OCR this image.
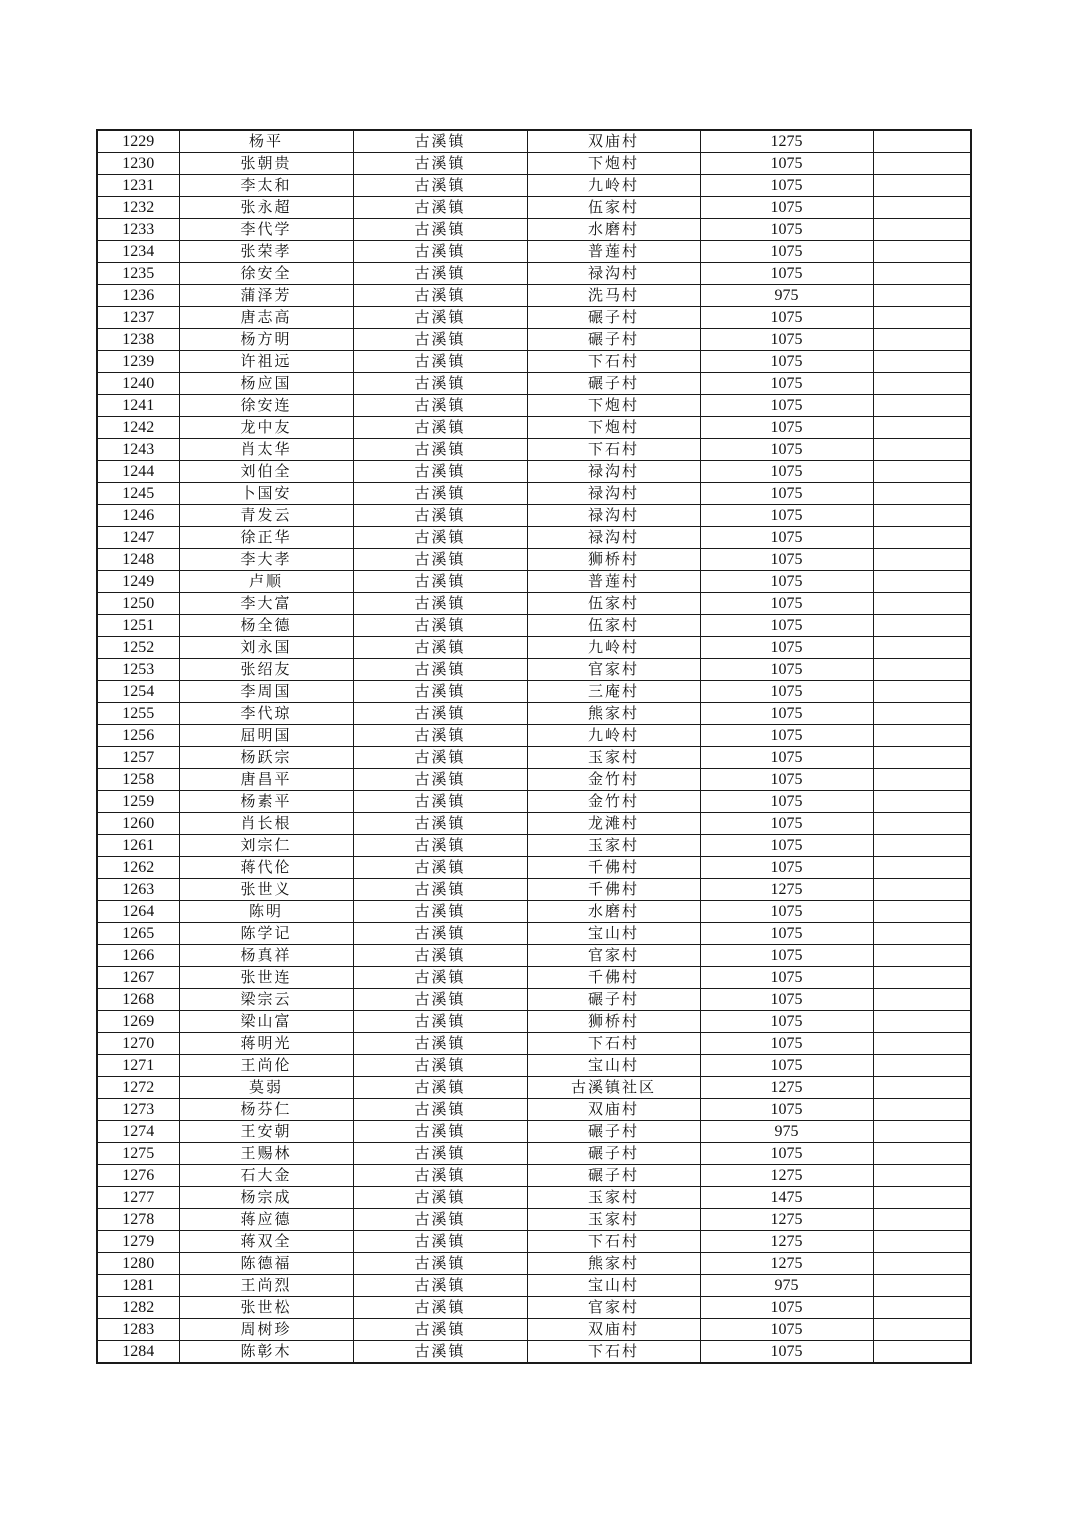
1229	杨平	古溪镇	双庙村	1275	
1230	张朝贵	古溪镇	下炮村	1075	
1231	李太和	古溪镇	九岭村	1075	
1232	张永超	古溪镇	伍家村	1075	
1233	李代学	古溪镇	水磨村	1075	
1234	张荣孝	古溪镇	普莲村	1075	
1235	徐安全	古溪镇	禄沟村	1075	
1236	蒲泽芳	古溪镇	洗马村	975	
1237	唐志高	古溪镇	碾子村	1075	
1238	杨方明	古溪镇	碾子村	1075	
1239	许祖远	古溪镇	下石村	1075	
1240	杨应国	古溪镇	碾子村	1075	
1241	徐安连	古溪镇	下炮村	1075	
1242	龙中友	古溪镇	下炮村	1075	
1243	肖太华	古溪镇	下石村	1075	
1244	刘伯全	古溪镇	禄沟村	1075	
1245	卜国安	古溪镇	禄沟村	1075	
1246	青发云	古溪镇	禄沟村	1075	
1247	徐正华	古溪镇	禄沟村	1075	
1248	李大孝	古溪镇	狮桥村	1075	
1249	卢顺	古溪镇	普莲村	1075	
1250	李大富	古溪镇	伍家村	1075	
1251	杨全德	古溪镇	伍家村	1075	
1252	刘永国	古溪镇	九岭村	1075	
1253	张绍友	古溪镇	官家村	1075	
1254	李周国	古溪镇	三庵村	1075	
1255	李代琼	古溪镇	熊家村	1075	
1256	屈明国	古溪镇	九岭村	1075	
1257	杨跃宗	古溪镇	玉家村	1075	
1258	唐昌平	古溪镇	金竹村	1075	
1259	杨素平	古溪镇	金竹村	1075	
1260	肖长根	古溪镇	龙滩村	1075	
1261	刘宗仁	古溪镇	玉家村	1075	
1262	蒋代伦	古溪镇	千佛村	1075	
1263	张世义	古溪镇	千佛村	1275	
1264	陈明	古溪镇	水磨村	1075	
1265	陈学记	古溪镇	宝山村	1075	
1266	杨真祥	古溪镇	官家村	1075	
1267	张世连	古溪镇	千佛村	1075	
1268	梁宗云	古溪镇	碾子村	1075	
1269	梁山富	古溪镇	狮桥村	1075	
1270	蒋明光	古溪镇	下石村	1075	
1271	王尚伦	古溪镇	宝山村	1075	
1272	莫弱	古溪镇	古溪镇社区	1275	
1273	杨芬仁	古溪镇	双庙村	1075	
1274	王安朝	古溪镇	碾子村	975	
1275	王赐林	古溪镇	碾子村	1075	
1276	石大金	古溪镇	碾子村	1275	
1277	杨宗成	古溪镇	玉家村	1475	
1278	蒋应德	古溪镇	玉家村	1275	
1279	蒋双全	古溪镇	下石村	1275	
1280	陈德福	古溪镇	熊家村	1275	
1281	王尚烈	古溪镇	宝山村	975	
1282	张世松	古溪镇	官家村	1075	
1283	周树珍	古溪镇	双庙村	1075	
1284	陈彰木	古溪镇	下石村	1075	
